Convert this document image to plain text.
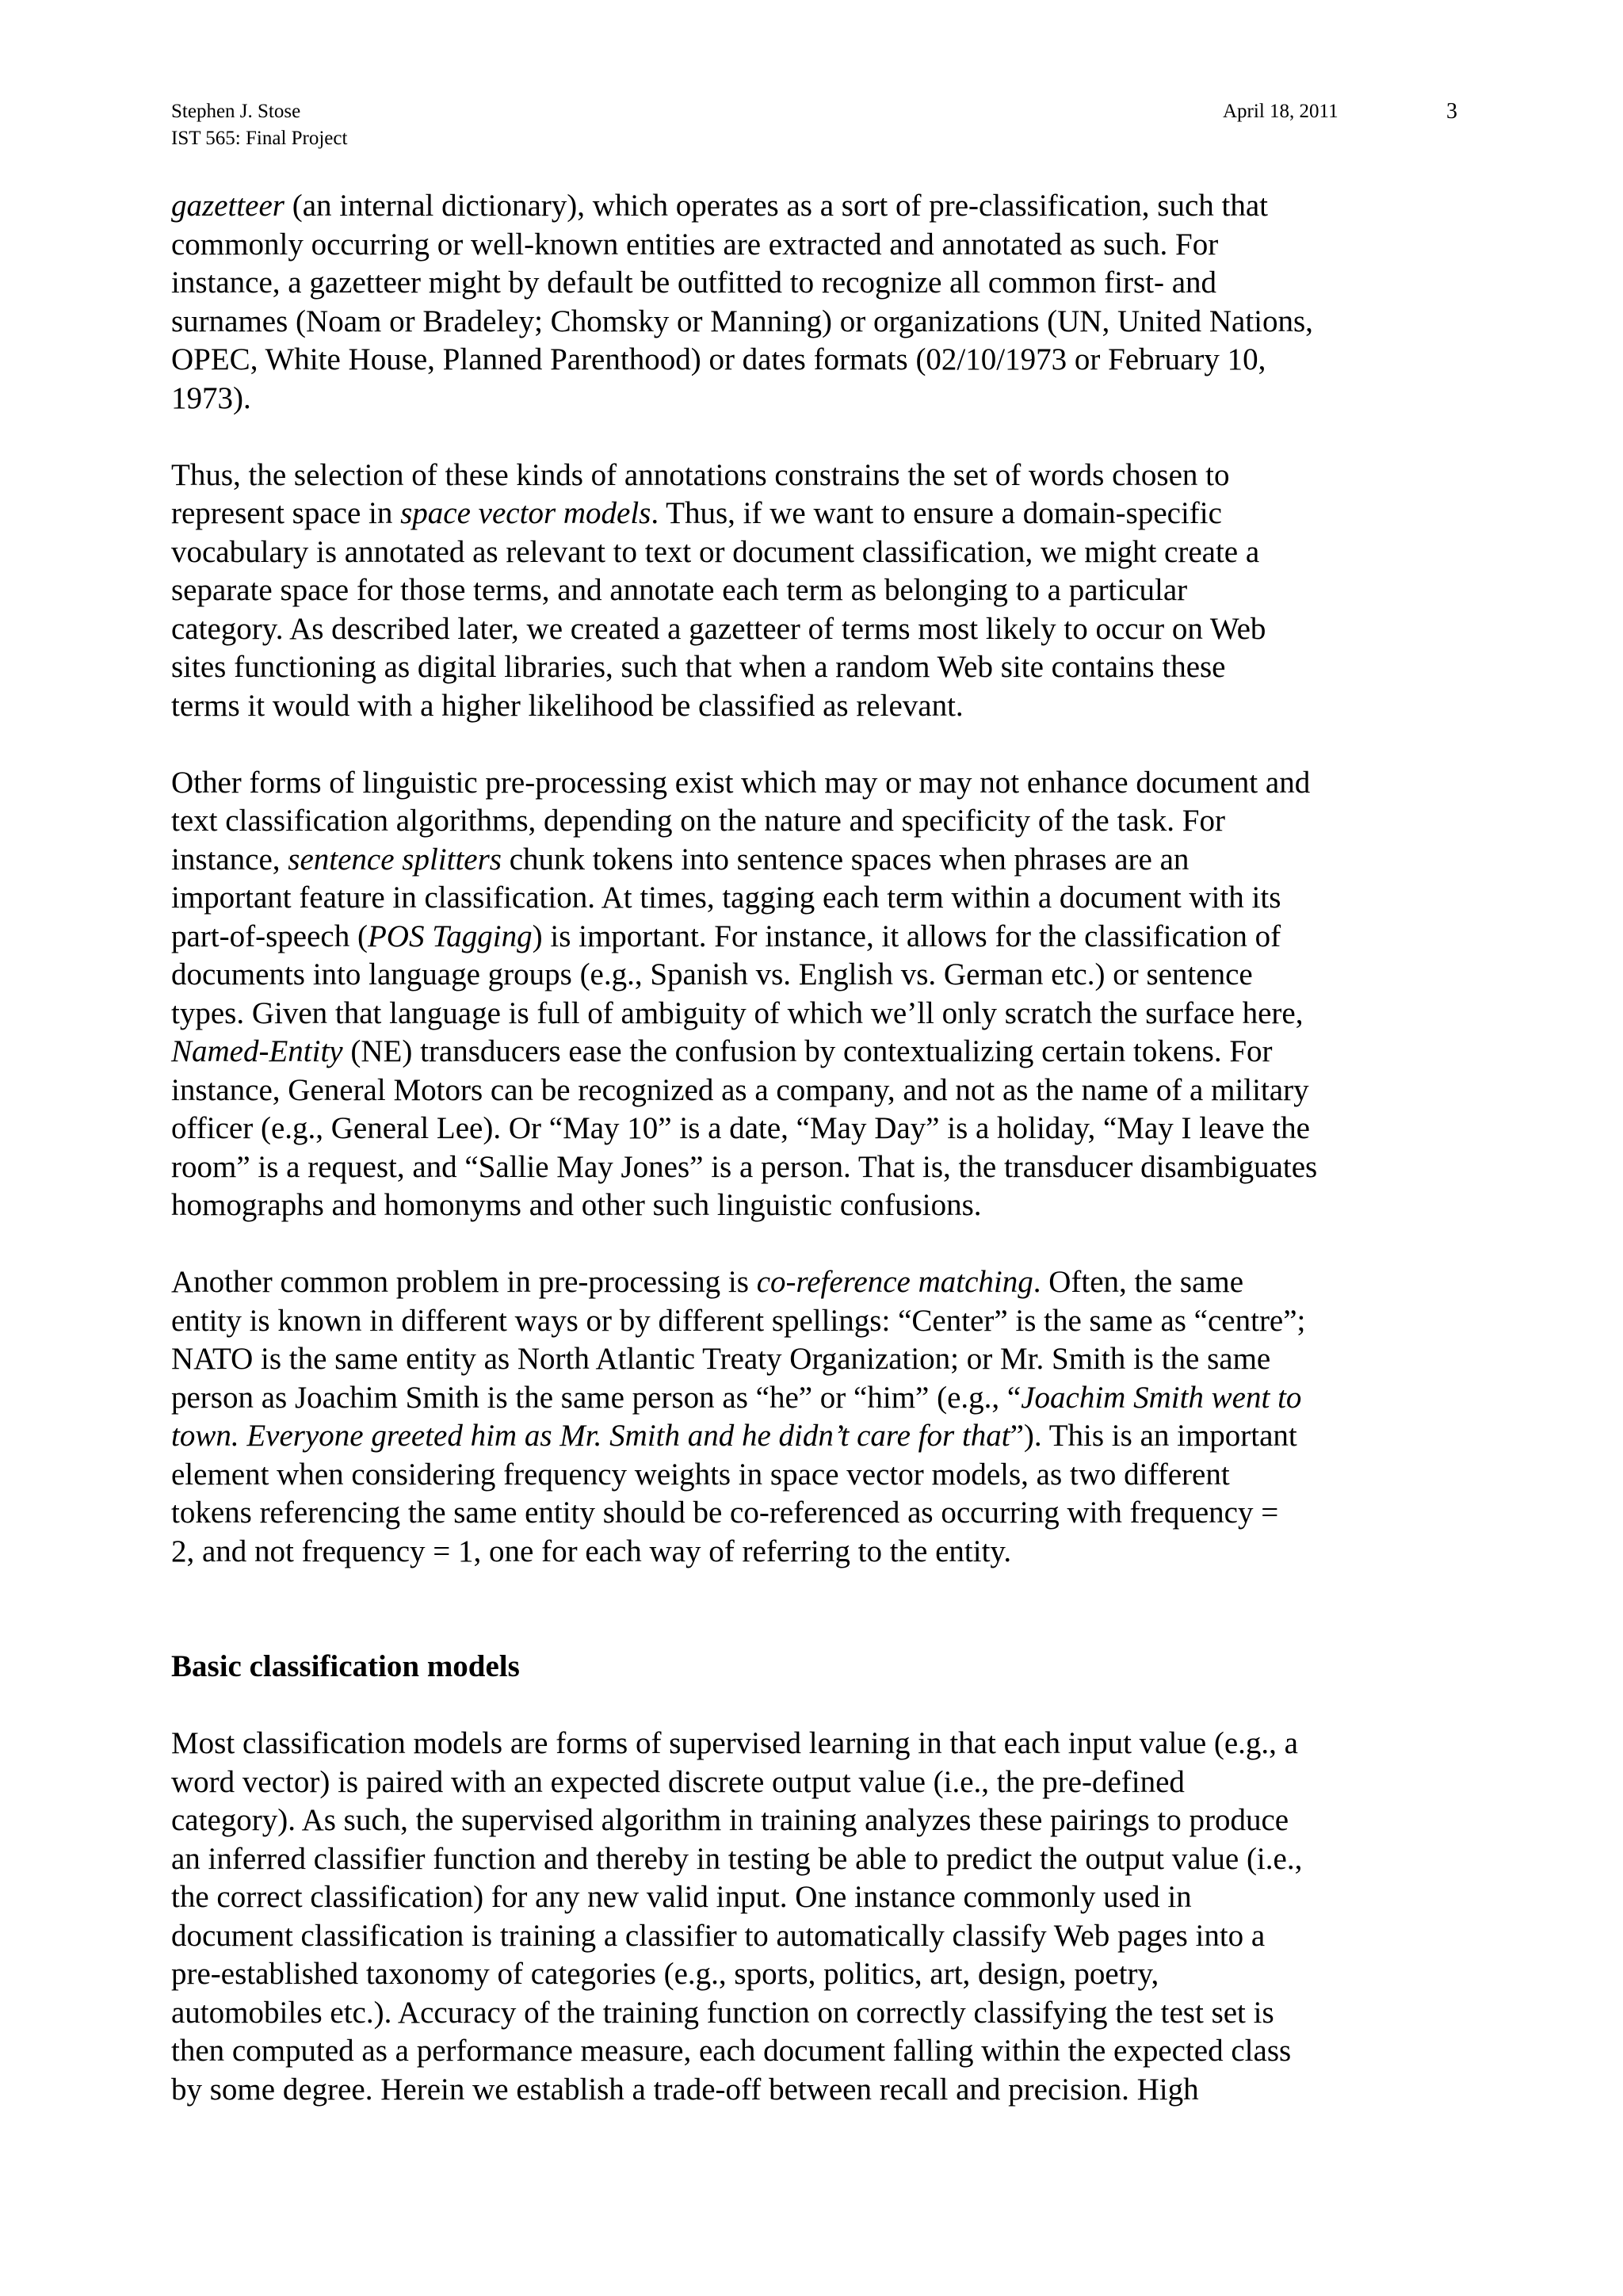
Stephen J. Stose
IST 565: Final Project
April 18, 2011	3

gazetteer (an internal dictionary), which operates as a sort of pre-classification, such that
commonly occurring or well-known entities are extracted and annotated as such. For
instance, a gazetteer might by default be outfitted to recognize all common first- and
surnames (Noam or Bradeley; Chomsky or Manning) or organizations (UN, United Nations,
OPEC, White House, Planned Parenthood) or dates formats (02/10/1973 or February 10,
1973).

Thus, the selection of these kinds of annotations constrains the set of words chosen to
represent space in space vector models. Thus, if we want to ensure a domain-specific
vocabulary is annotated as relevant to text or document classification, we might create a
separate space for those terms, and annotate each term as belonging to a particular
category. As described later, we created a gazetteer of terms most likely to occur on Web
sites functioning as digital libraries, such that when a random Web site contains these
terms it would with a higher likelihood be classified as relevant.

Other forms of linguistic pre-processing exist which may or may not enhance document and
text classification algorithms, depending on the nature and specificity of the task. For
instance, sentence splitters chunk tokens into sentence spaces when phrases are an
important feature in classification. At times, tagging each term within a document with its
part-of-speech (POS Tagging) is important. For instance, it allows for the classification of
documents into language groups (e.g., Spanish vs. English vs. German etc.) or sentence
types. Given that language is full of ambiguity of which we’ll only scratch the surface here,
Named-Entity (NE) transducers ease the confusion by contextualizing certain tokens. For
instance, General Motors can be recognized as a company, and not as the name of a military
officer (e.g., General Lee). Or “May 10” is a date, “May Day” is a holiday, “May I leave the
room” is a request, and “Sallie May Jones” is a person. That is, the transducer disambiguates
homographs and homonyms and other such linguistic confusions.

Another common problem in pre-processing is co-reference matching. Often, the same
entity is known in different ways or by different spellings: “Center” is the same as “centre”;
NATO is the same entity as North Atlantic Treaty Organization; or Mr. Smith is the same
person as Joachim Smith is the same person as “he” or “him” (e.g., “Joachim Smith went to
town. Everyone greeted him as Mr. Smith and he didn’t care for that”). This is an important
element when considering frequency weights in space vector models, as two different
tokens referencing the same entity should be co-referenced as occurring with frequency =
2, and not frequency = 1, one for each way of referring to the entity.

Basic classification models

Most classification models are forms of supervised learning in that each input value (e.g., a
word vector) is paired with an expected discrete output value (i.e., the pre-defined
category). As such, the supervised algorithm in training analyzes these pairings to produce
an inferred classifier function and thereby in testing be able to predict the output value (i.e.,
the correct classification) for any new valid input. One instance commonly used in
document classification is training a classifier to automatically classify Web pages into a
pre-established taxonomy of categories (e.g., sports, politics, art, design, poetry,
automobiles etc.). Accuracy of the training function on correctly classifying the test set is
then computed as a performance measure, each document falling within the expected class
by some degree. Herein we establish a trade-off between recall and precision. High
